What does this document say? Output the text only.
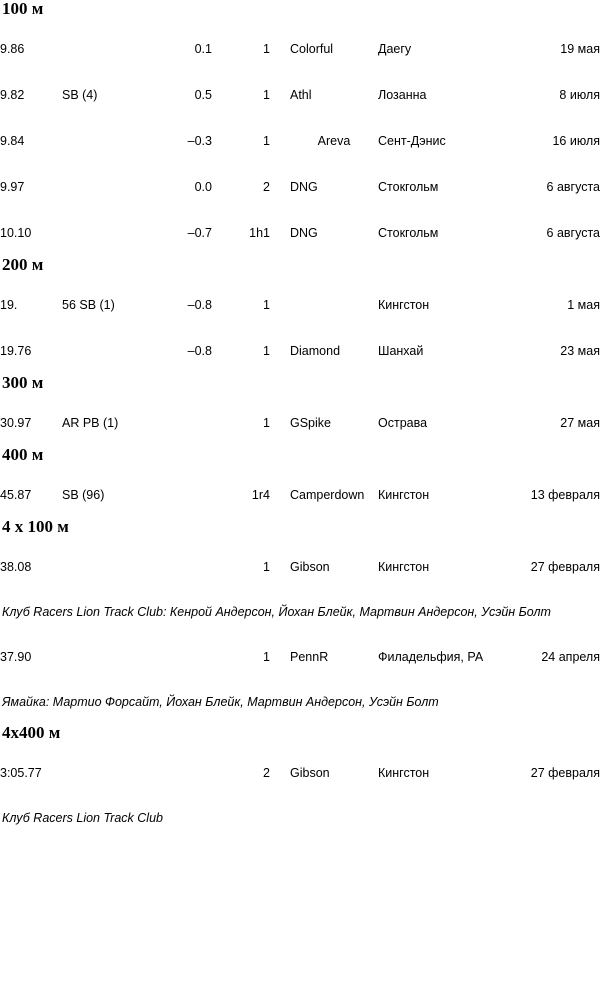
100 м
9.86		0.1		1		Colorful	Дaeгy	19 мая
9.82	SB (4)	0.5		1		Athl	Лозанна	8 июля
9.84		–0.3		1		Areva	Сент-Дэнис	16 июля
9.97		0.0		2		DNG	Стокгольм	6 августа
10.10		–0.7		1h1		DNG	Стокгольм	6 августа
200 м
19.	56 SB (1)	–0.8		1			Кингстон	1 мая
19.76		–0.8		1		Diamond	Шанхай	23 мая
300 м
30.97	AR PB (1)			1		GSpike	Острава	27 мая
400 м
45.87	SB (96)			1r4		Camperdown	Кингстон	13 февраля
4 х 100 м
38.08				1		Gibson	Кингстон	27 февраля
Клуб Racers Lion Track Club: Кенрой Андерсон, Йохан Блейк, Мартвин Андерсон, Усэйн Болт
37.90				1		PennR	Филадельфия, РА	24 апреля
Ямайка: Мартио Форсайт, Йохан Блейк, Мартвин Андерсон, Усэйн Болт
4х400 м
3:05.77				2		Gibson	Кингстон	27 февраля
Клуб Racers Lion Track Club
